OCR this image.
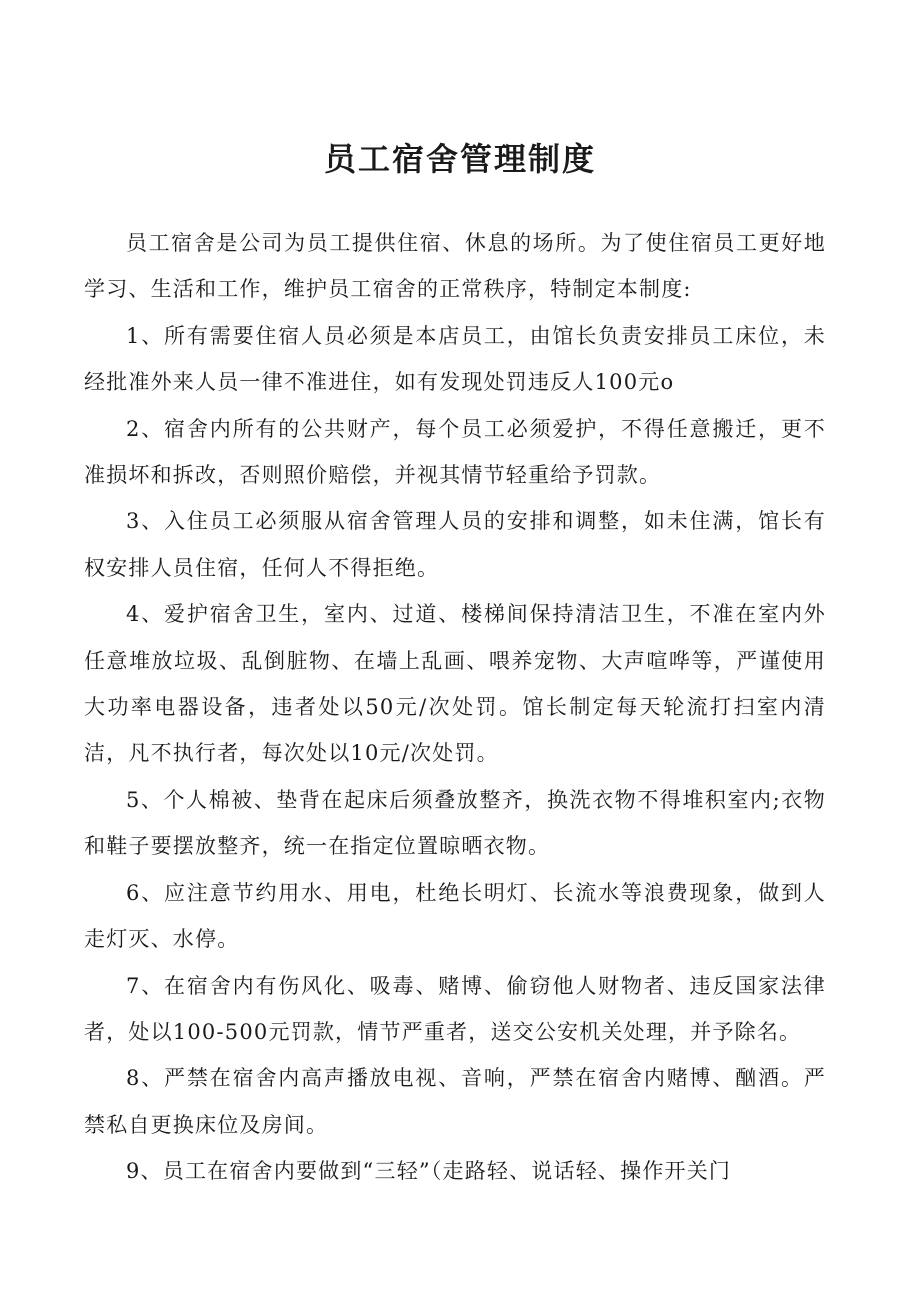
员工宿舍管理制度

员工宿舍是公司为员工提供住宿、休息的场所。为了使住宿员工更好地学习、生活和工作，维护员工宿舍的正常秩序，特制定本制度:

1、所有需要住宿人员必须是本店员工，由馆长负责安排员工床位，未经批准外来人员一律不准进住，如有发现处罚违反人100元o

2、宿舍内所有的公共财产，每个员工必须爱护，不得任意搬迁，更不准损坏和拆改，否则照价赔偿，并视其情节轻重给予罚款。

3、入住员工必须服从宿舍管理人员的安排和调整，如未住满，馆长有权安排人员住宿，任何人不得拒绝。

4、爱护宿舍卫生，室内、过道、楼梯间保持清洁卫生，不准在室内外任意堆放垃圾、乱倒脏物、在墙上乱画、喂养宠物、大声喧哗等，严谨使用大功率电器设备，违者处以50元/次处罚。馆长制定每天轮流打扫室内清洁，凡不执行者，每次处以10元/次处罚。

5、个人棉被、垫背在起床后须叠放整齐，换洗衣物不得堆积室内;衣物和鞋子要摆放整齐，统一在指定位置晾晒衣物。

6、应注意节约用水、用电，杜绝长明灯、长流水等浪费现象，做到人走灯灭、水停。

7、在宿舍内有伤风化、吸毒、赌博、偷窃他人财物者、违反国家法律者，处以100-500元罚款，情节严重者，送交公安机关处理，并予除名。

8、严禁在宿舍内高声播放电视、音响，严禁在宿舍内赌博、酗酒。严禁私自更换床位及房间。

9、员工在宿舍内要做到“三轻”（走路轻、说话轻、操作开关门
